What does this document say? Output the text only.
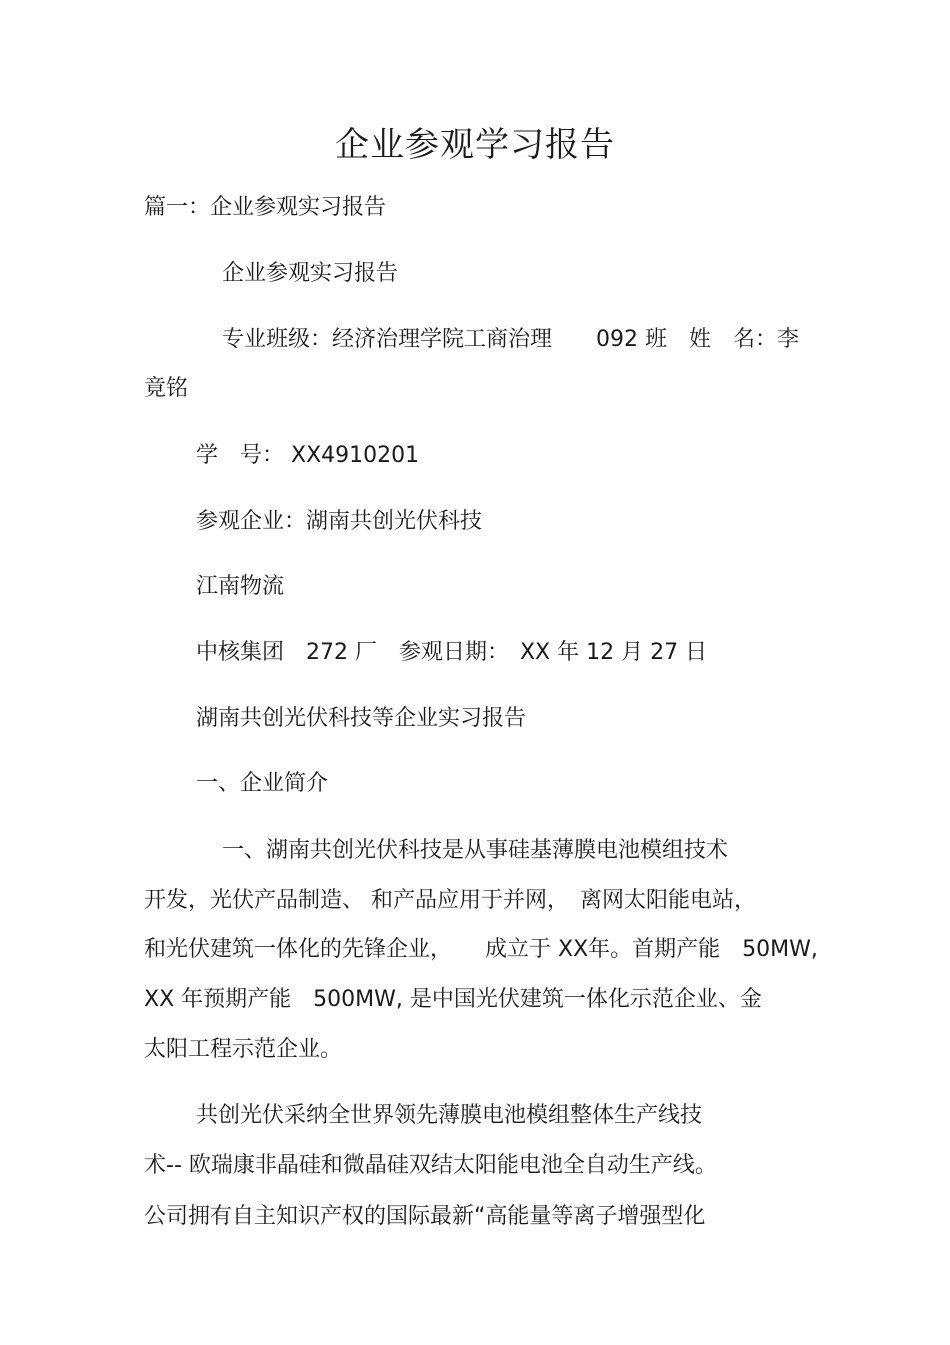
企业参观学习报告
篇一：企业参观实习报告
企业参观实习报告
专业班级：经济治理学院工商治理　　092 班　姓　名：李
竟铭
学　号： XX4910201
参观企业：湖南共创光伏科技
江南物流
中核集团　272 厂　参观日期：　XX 年 12 月 27 日
湖南共创光伏科技等企业实习报告
一、企业简介
一、湖南共创光伏科技是从事硅基薄膜电池模组技术
开发，光伏产品制造、 和产品应用于并网，　离网太阳能电站，
和光伏建筑一体化的先锋企业，　　成立于 XX年。首期产能　50MW,
XX 年预期产能　500MW, 是中国光伏建筑一体化示范企业、金
太阳工程示范企业。
共创光伏采纳全世界领先薄膜电池模组整体生产线技
术-- 欧瑞康非晶硅和微晶硅双结太阳能电池全自动生产线。
公司拥有自主知识产权的国际最新“高能量等离子增强型化
